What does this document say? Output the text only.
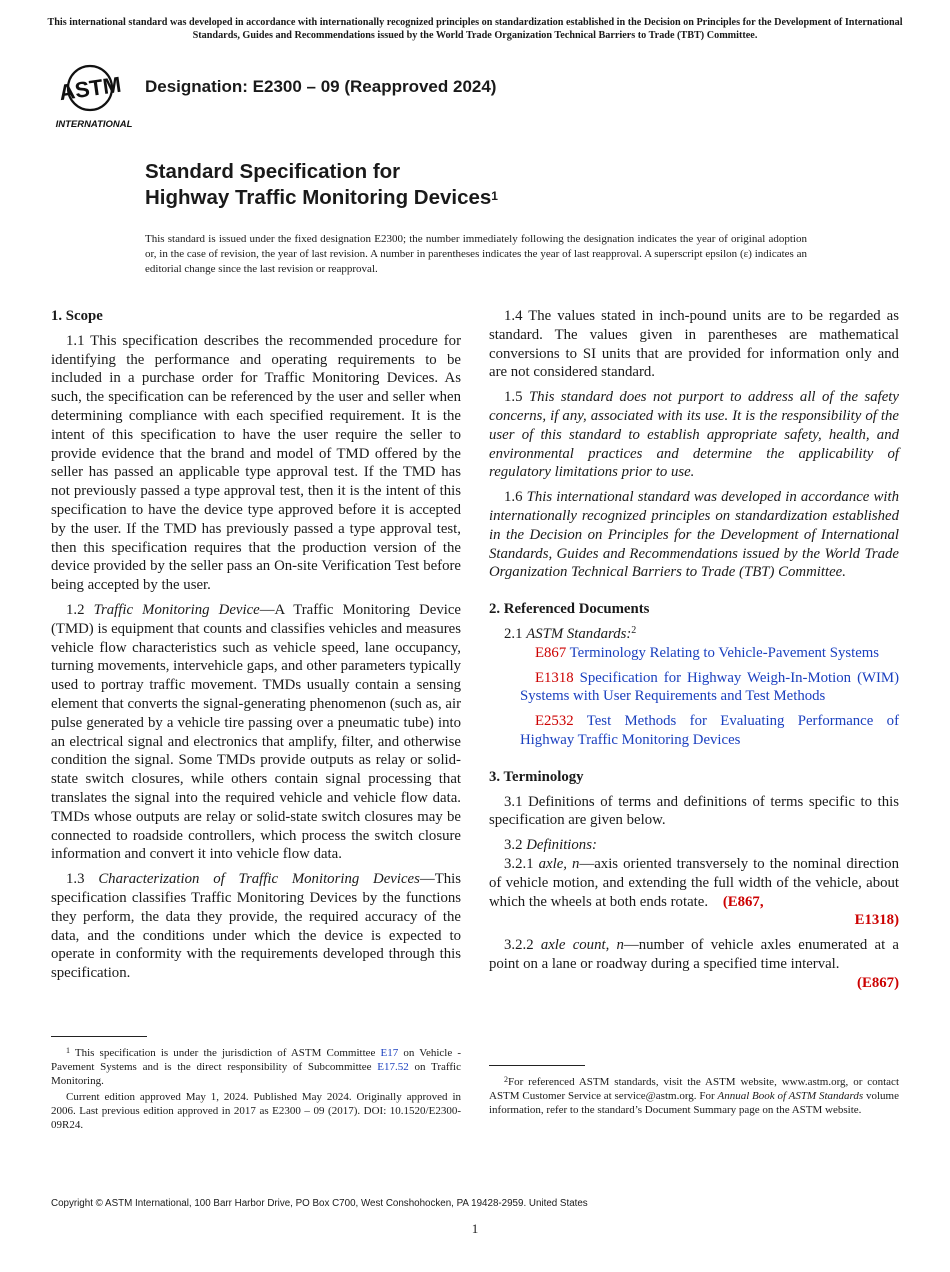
This international standard was developed in accordance with internationally recognized principles on standardization established in the Decision on Principles for the Development of International Standards, Guides and Recommendations issued by the World Trade Organization Technical Barriers to Trade (TBT) Committee.
ASTM
INTERNATIONAL
Designation: E2300 – 09 (Reapproved 2024)
Standard Specification for
Highway Traffic Monitoring Devices$^1$
This standard is issued under the fixed designation E2300; the number immediately following the designation indicates the year of original adoption or, in the case of revision, the year of last revision. A number in parentheses indicates the year of last reapproval. A superscript epsilon (ε) indicates an editorial change since the last revision or reapproval.
1. Scope

1.1 This specification describes the recommended procedure for identifying the performance and operating requirements to be included in a purchase order for Traffic Monitoring Devices. As such, the specification can be referenced by the user and seller when determining compliance with each specified requirement. It is the intent of this specification to have the user require the seller to provide evidence that the brand and model of TMD offered by the seller has passed an applicable type approval test. If the TMD has not previously passed a type approval test, then it is the intent of this specification to have the device type approved before it is accepted by the user. If the TMD has previously passed a type approval test, then this specification requires that the production version of the device provided by the seller pass an On-site Verification Test before being accepted by the user.

1.2 Traffic Monitoring Device—A Traffic Monitoring Device (TMD) is equipment that counts and classifies vehicles and measures vehicle flow characteristics such as vehicle speed, lane occupancy, turning movements, intervehicle gaps, and other parameters typically used to portray traffic movement. TMDs usually contain a sensing element that converts the signal-generating phenomenon (such as, air pulse generated by a vehicle tire passing over a pneumatic tube) into an electrical signal and electronics that amplify, filter, and otherwise condition the signal. Some TMDs provide outputs as relay or solid-state switch closures, while others contain signal processing that translates the signal into the required vehicle and vehicle flow data. TMDs whose outputs are relay or solid-state switch closures may be connected to roadside controllers, which process the switch closure information and convert it into vehicle flow data.

1.3 Characterization of Traffic Monitoring Devices—This specification classifies Traffic Monitoring Devices by the functions they perform, the data they provide, the required accuracy of the data, and the conditions under which the device is expected to operate in conformity with the requirements developed through this specification.

1.4 The values stated in inch-pound units are to be regarded as standard. The values given in parentheses are mathematical conversions to SI units that are provided for information only and are not considered standard.

1.5 This standard does not purport to address all of the safety concerns, if any, associated with its use. It is the responsibility of the user of this standard to establish appropriate safety, health, and environmental practices and determine the applicability of regulatory limitations prior to use.

1.6 This international standard was developed in accordance with internationally recognized principles on standardization established in the Decision on Principles for the Development of International Standards, Guides and Recommendations issued by the World Trade Organization Technical Barriers to Trade (TBT) Committee.

2. Referenced Documents

2.1 ASTM Standards:$^2$

E867 Terminology Relating to Vehicle-Pavement Systems

E1318 Specification for Highway Weigh-In-Motion (WIM) Systems with User Requirements and Test Methods

E2532 Test Methods for Evaluating Performance of Highway Traffic Monitoring Devices

3. Terminology

3.1 Definitions of terms and definitions of terms specific to this specification are given below.

3.2 Definitions:

3.2.1 axle, n—axis oriented transversely to the nominal direction of vehicle motion, and extending the full width of the vehicle, about which the wheels at both ends rotate. (E867,

E1318)

3.2.2 axle count, n—number of vehicle axles enumerated at a point on a lane or roadway during a specified time interval.

(E867)

$^1$ This specification is under the jurisdiction of ASTM Committee E17 on Vehicle - Pavement Systems and is the direct responsibility of Subcommittee E17.52 on Traffic Monitoring.

Current edition approved May 1, 2024. Published May 2024. Originally approved in 2006. Last previous edition approved in 2017 as E2300 – 09 (2017). DOI: 10.1520/E2300-09R24.

$^2$For referenced ASTM standards, visit the ASTM website, www.astm.org, or contact ASTM Customer Service at service@astm.org. For Annual Book of ASTM Standards volume information, refer to the standard’s Document Summary page on the ASTM website.

Copyright © ASTM International, 100 Barr Harbor Drive, PO Box C700, West Conshohocken, PA 19428-2959. United States
1
